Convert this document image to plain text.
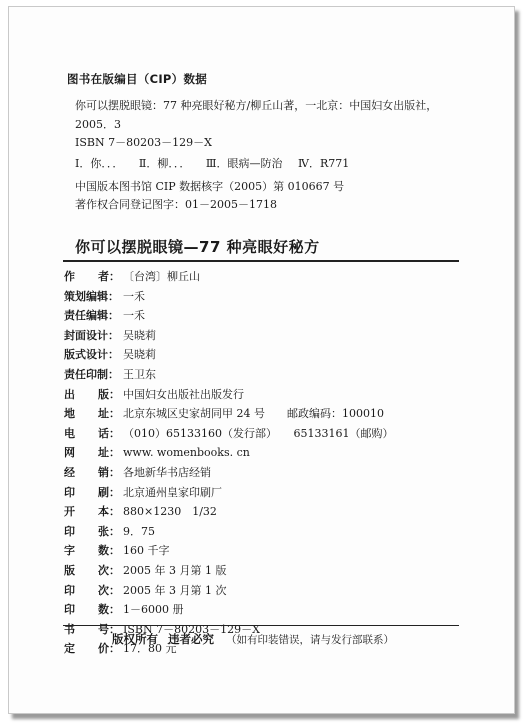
图书在版编目（CIP）数据
你可以摆脱眼镜：77 种亮眼好秘方/柳丘山著，一北京：中国妇女出版社，
2005．3
ISBN 7－80203－129－X
Ⅰ．你．．． Ⅱ．柳．．． Ⅲ．眼病—防治 Ⅳ．R771
中国版本图书馆 CIP 数据核字（2005）第 010667 号
著作权合同登记图字：01－2005－1718
你可以摆脱眼镜—77 种亮眼好秘方
作 者： 〔台湾〕柳丘山
策划编辑： 一禾
责任编辑： 一禾
封面设计： 吴晓莉
版式设计： 吴晓莉
责任印制： 王卫东
出 版： 中国妇女出版社出版发行
地 址： 北京东城区史家胡同甲 24 号　　邮政编码：100010
电 话： （010）65133160（发行部）　　65133161（邮购）
网 址： www. womenbooks. cn
经 销： 各地新华书店经销
印 刷： 北京通州皇家印刷厂
开 本： 880×1230　1/32
印 张： 9．75
字 数： 160 千字
版 次： 2005 年 3 月第 1 版
印 次： 2005 年 3 月第 1 次
印 数： 1－6000 册
书 号： ISBN 7－80203－129－X
定 价： 17．80 元
版权所有 违者必究 （如有印装错误，请与发行部联系）
